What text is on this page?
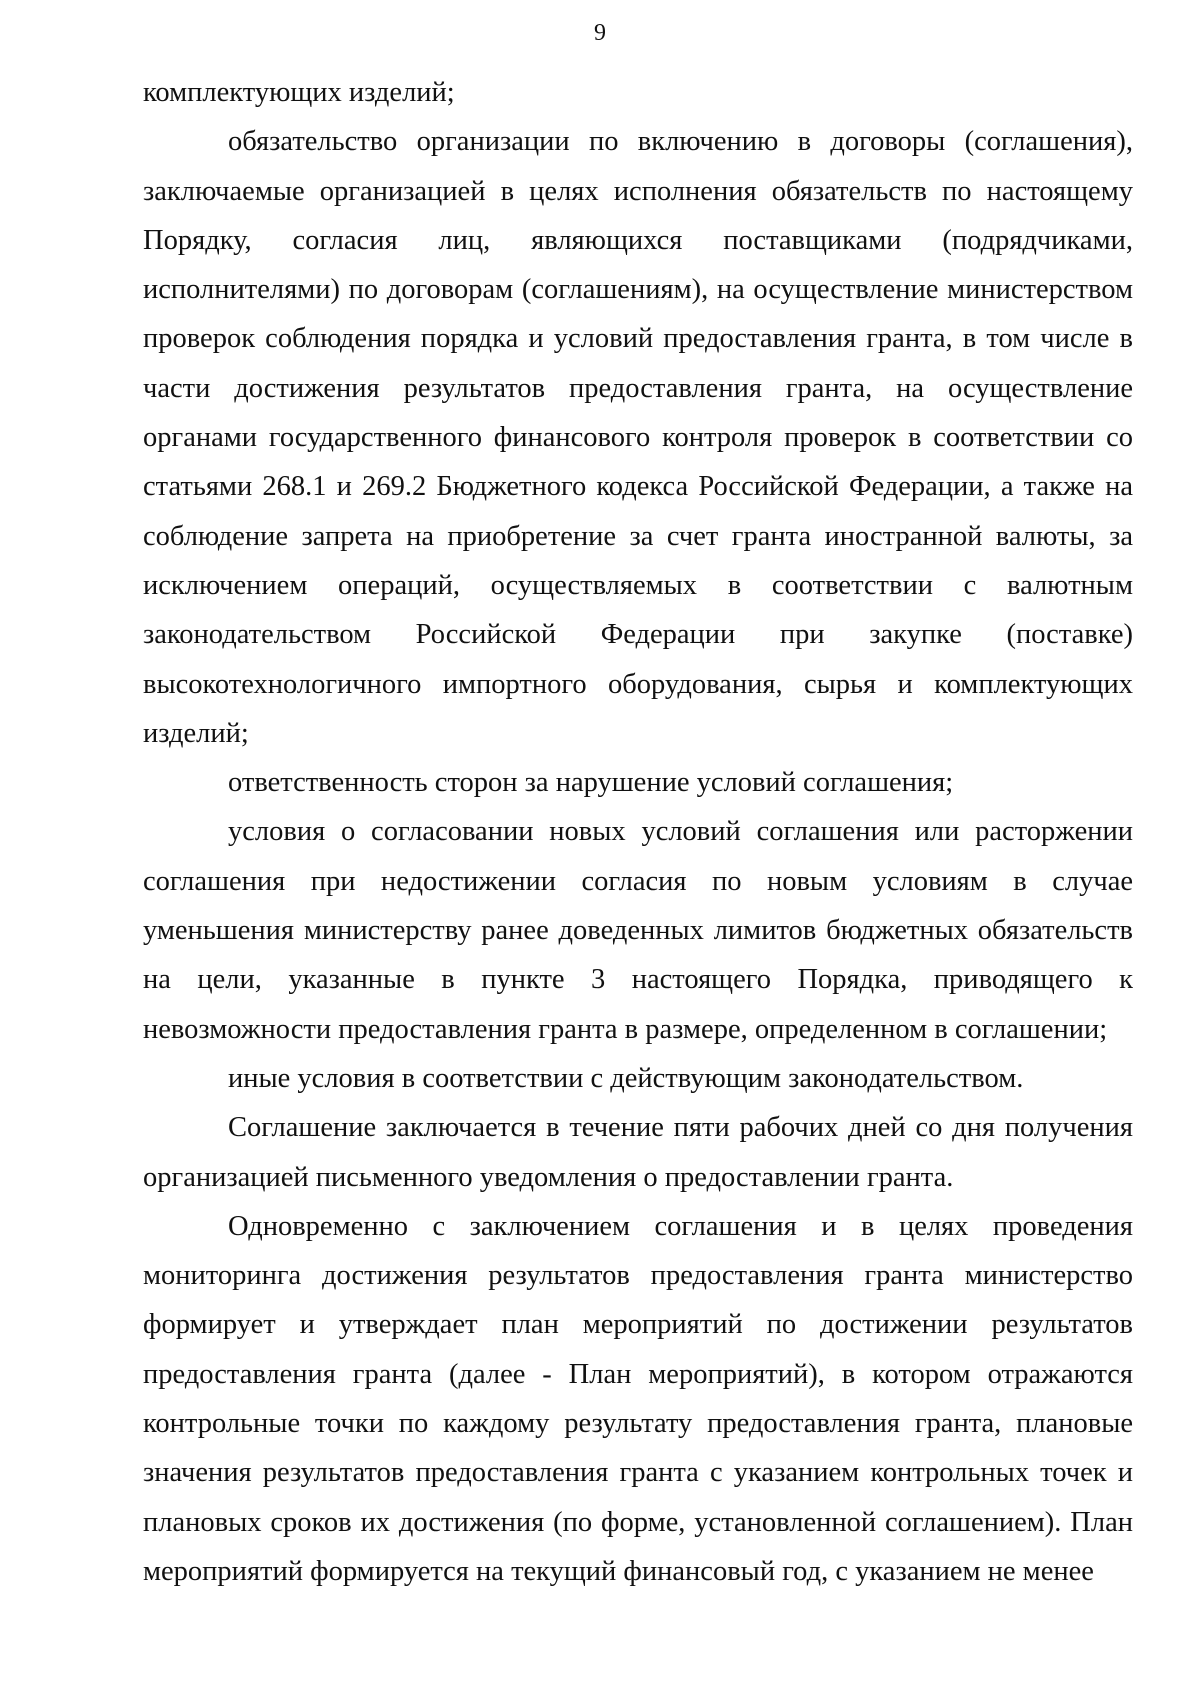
9

комплектующих изделий;

обязательство организации по включению в договоры (соглашения), заключаемые организацией в целях исполнения обязательств по настоящему Порядку, согласия лиц, являющихся поставщиками (подрядчиками, исполнителями) по договорам (соглашениям), на осуществление министерством проверок соблюдения порядка и условий предоставления гранта, в том числе в части достижения результатов предоставления гранта, на осуществление органами государственного финансового контроля проверок в соответствии со статьями 268.1 и 269.2 Бюджетного кодекса Российской Федерации, а также на соблюдение запрета на приобретение за счет гранта иностранной валюты, за исключением операций, осуществляемых в соответствии с валютным законодательством Российской Федерации при закупке (поставке) высокотехнологичного импортного оборудования, сырья и комплектующих изделий;

ответственность сторон за нарушение условий соглашения;

условия о согласовании новых условий соглашения или расторжении соглашения при недостижении согласия по новым условиям в случае уменьшения министерству ранее доведенных лимитов бюджетных обязательств на цели, указанные в пункте 3 настоящего Порядка, приводящего к невозможности предоставления гранта в размере, определенном в соглашении;

иные условия в соответствии с действующим законодательством.

Соглашение заключается в течение пяти рабочих дней со дня получения организацией письменного уведомления о предоставлении гранта.

Одновременно с заключением соглашения и в целях проведения мониторинга достижения результатов предоставления гранта министерство формирует и утверждает план мероприятий по достижении результатов предоставления гранта (далее - План мероприятий), в котором отражаются контрольные точки по каждому результату предоставления гранта, плановые значения результатов предоставления гранта с указанием контрольных точек и плановых сроков их достижения (по форме, установленной соглашением). План мероприятий формируется на текущий финансовый год, с указанием не менее
